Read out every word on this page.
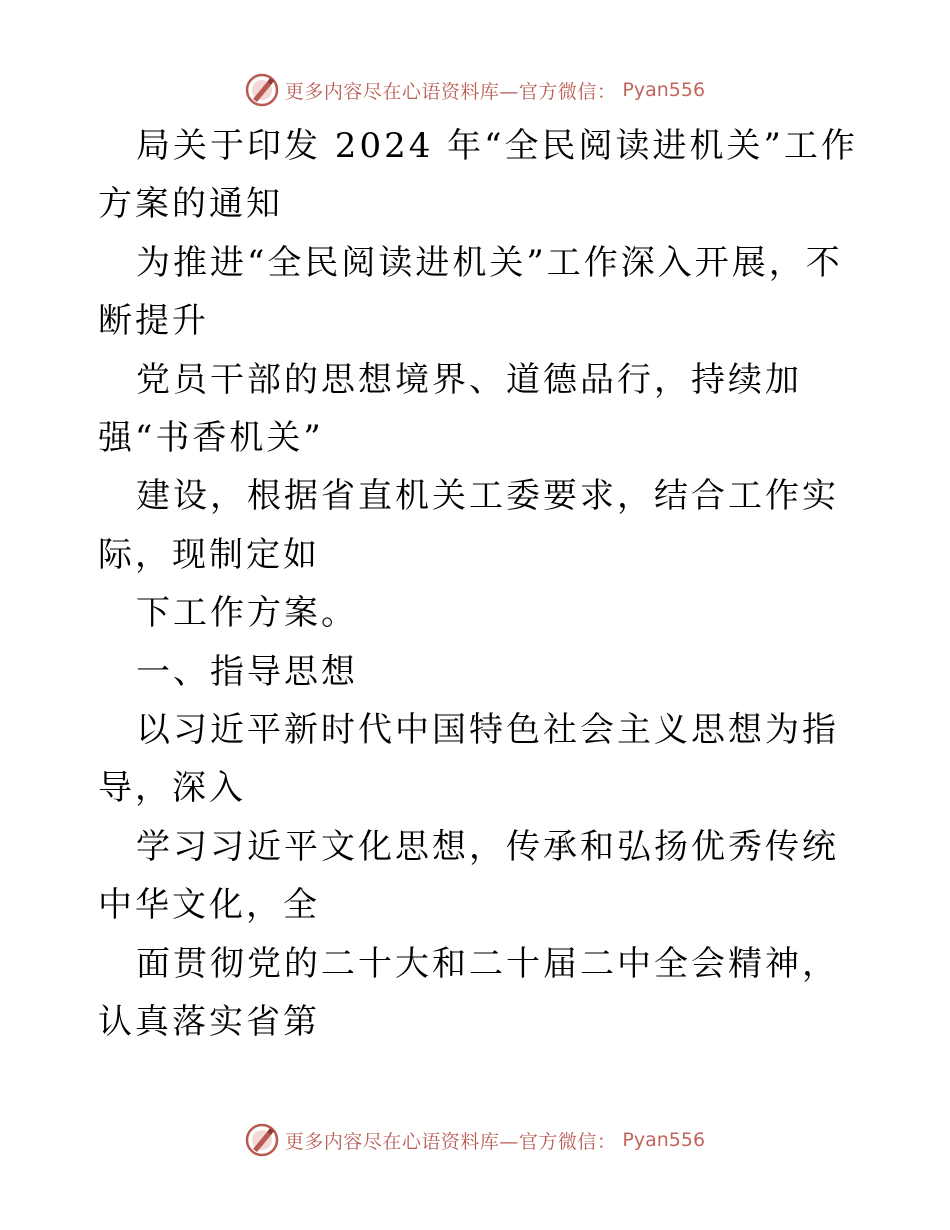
更多内容尽在心语资料库—官方微信： Pyan556

局关于印发 2024 年“全民阅读进机关”工作方案的通知

为推进“全民阅读进机关”工作深入开展，不断提升

党员干部的思想境界、道德品行，持续加强“书香机关”

建设，根据省直机关工委要求，结合工作实际，现制定如

下工作方案。

一、指导思想

以习近平新时代中国特色社会主义思想为指导，深入

学习习近平文化思想，传承和弘扬优秀传统中华文化，全

面贯彻党的二十大和二十届二中全会精神，认真落实省第

更多内容尽在心语资料库—官方微信： Pyan556
